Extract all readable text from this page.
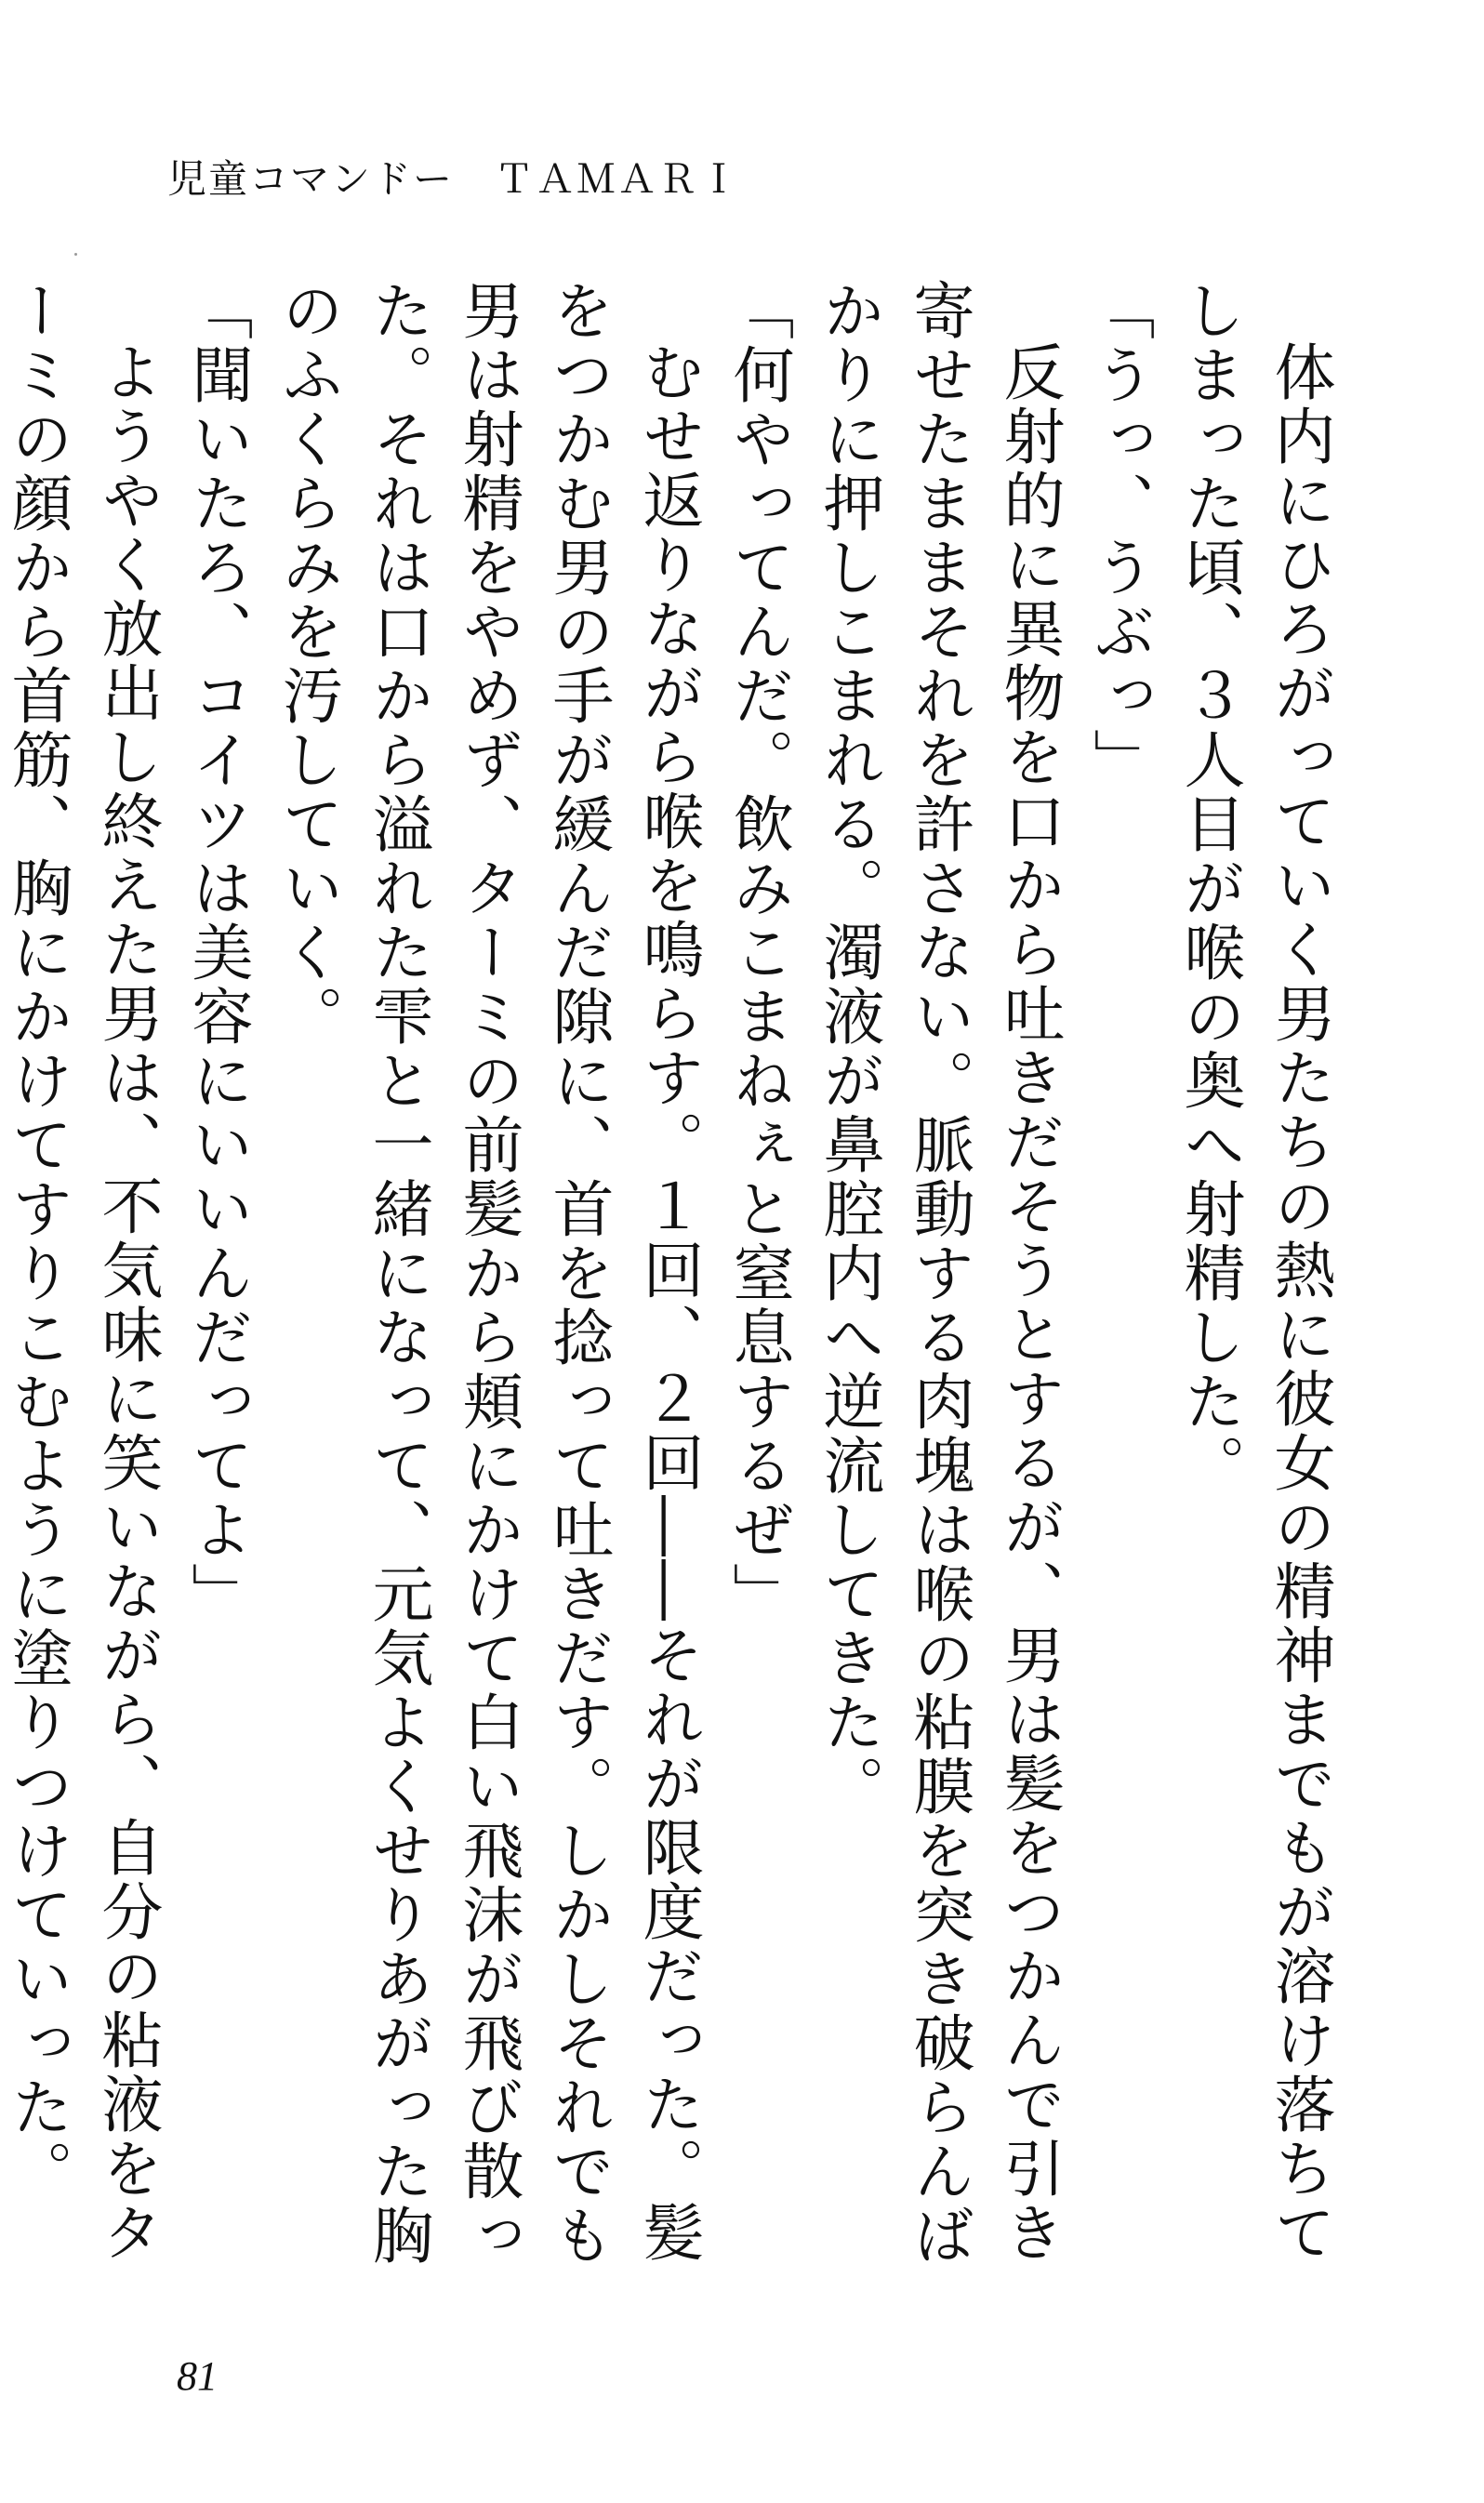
児童コマンドー　ＴＡＭＡＲＩ

体内にひろがっていく男たちの熱に彼女の精神までもが溶け落ちてしまった頃、３人目が喉の奥へ射精した。

「うっ、うぶっ」

反射的に異物を口から吐きだそうとするが、男は髪をつかんで引き寄せたままそれを許さない。脈動する肉塊は喉の粘膜を突き破らんばかりに押しこまれる。濁液が鼻腔内へ逆流してきた。

「何やってんだ。飲みこまねぇと窒息するぜ」

むせ返りながら喉を鳴らす。１回、２回――それが限度だった。髪をつかむ男の手が緩んだ隙に、首を捻って吐きだす。しかしそれでも男は射精をやめず、ターミの前髪から頬にかけて白い飛沫が飛び散った。それは口から溢れた雫と一緒になって、元気よくせりあがった胸のふくらみを汚していく。

「聞いたろ、コイツは美容にいいんだってよ」

ようやく放出し終えた男は、不気味に笑いながら、自分の粘液をターミの顔から首筋、胸にかけてすりこむように塗りつけていった。

81
